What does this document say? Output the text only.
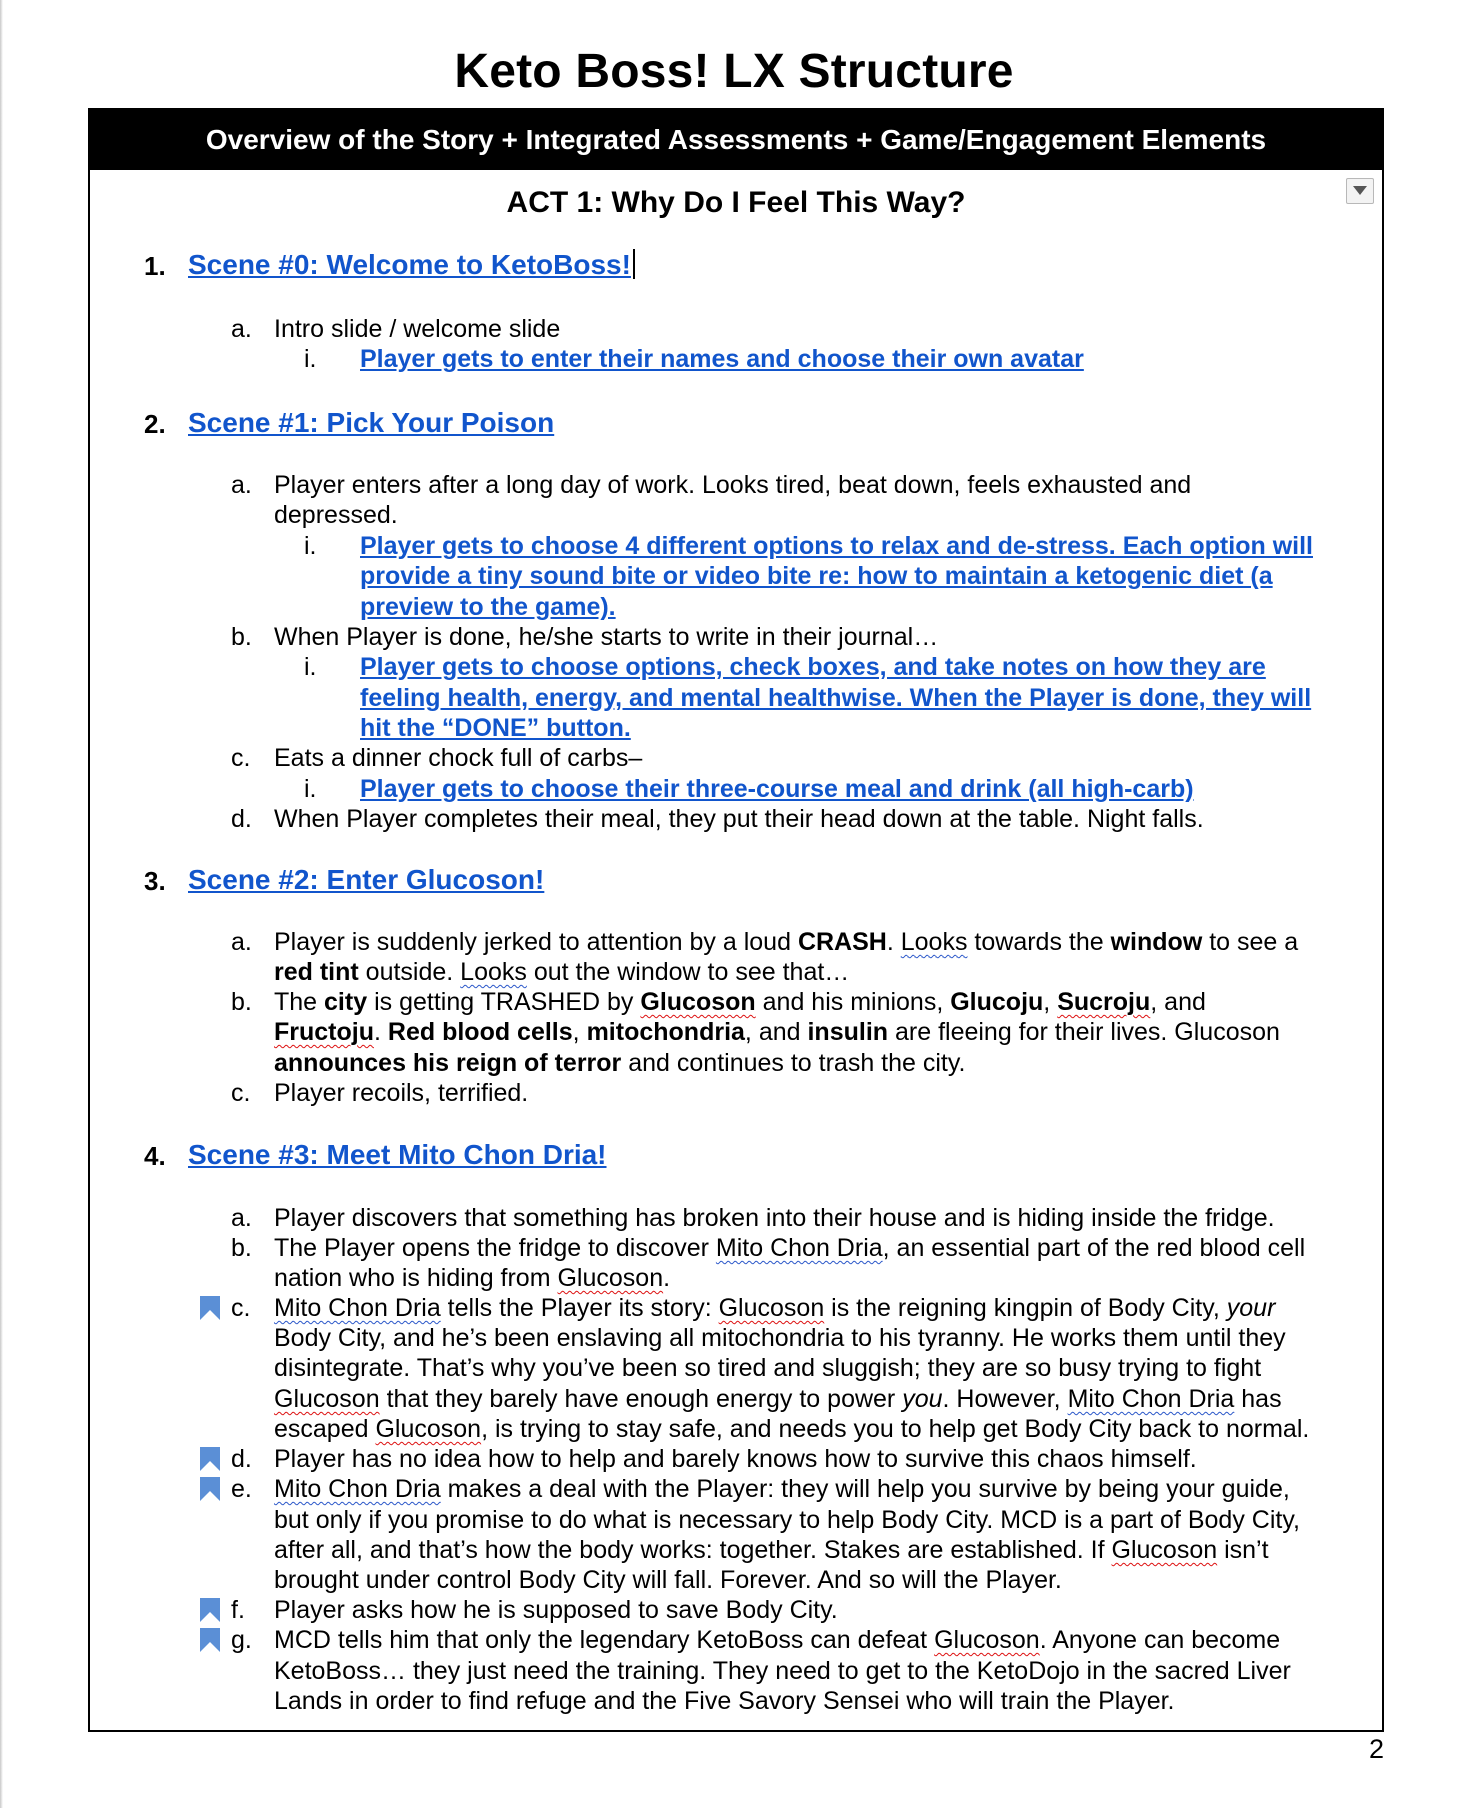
Keto Boss! LX Structure
Overview of the Story + Integrated Assessments + Game/Engagement Elements
ACT 1: Why Do I Feel This Way?
1. Scene #0: Welcome to KetoBoss!
a. Intro slide / welcome slide
i. Player gets to enter their names and choose their own avatar
2. Scene #1: Pick Your Poison
a. Player enters after a long day of work. Looks tired, beat down, feels exhausted and
depressed.
i. Player gets to choose 4 different options to relax and de-stress. Each option will
provide a tiny sound bite or video bite re: how to maintain a ketogenic diet (a
preview to the game).
b. When Player is done, he/she starts to write in their journal…
i. Player gets to choose options, check boxes, and take notes on how they are
feeling health, energy, and mental healthwise. When the Player is done, they will
hit the “DONE” button.
c. Eats a dinner chock full of carbs–
i. Player gets to choose their three-course meal and drink (all high-carb)
d. When Player completes their meal, they put their head down at the table. Night falls.
3. Scene #2: Enter Glucoson!
a. Player is suddenly jerked to attention by a loud CRASH. Looks towards the window to see a
red tint outside. Looks out the window to see that…
b. The city is getting TRASHED by Glucoson and his minions, Glucoju, Sucroju, and
Fructoju. Red blood cells, mitochondria, and insulin are fleeing for their lives. Glucoson
announces his reign of terror and continues to trash the city.
c. Player recoils, terrified.
4. Scene #3: Meet Mito Chon Dria!
a. Player discovers that something has broken into their house and is hiding inside the fridge.
b. The Player opens the fridge to discover Mito Chon Dria, an essential part of the red blood cell
nation who is hiding from Glucoson.
c. Mito Chon Dria tells the Player its story: Glucoson is the reigning kingpin of Body City, your
Body City, and he’s been enslaving all mitochondria to his tyranny. He works them until they
disintegrate. That’s why you’ve been so tired and sluggish; they are so busy trying to fight
Glucoson that they barely have enough energy to power you. However, Mito Chon Dria has
escaped Glucoson, is trying to stay safe, and needs you to help get Body City back to normal.
d. Player has no idea how to help and barely knows how to survive this chaos himself.
e. Mito Chon Dria makes a deal with the Player: they will help you survive by being your guide,
but only if you promise to do what is necessary to help Body City. MCD is a part of Body City,
after all, and that’s how the body works: together. Stakes are established. If Glucoson isn’t
brought under control Body City will fall. Forever. And so will the Player.
f. Player asks how he is supposed to save Body City.
g. MCD tells him that only the legendary KetoBoss can defeat Glucoson. Anyone can become
KetoBoss… they just need the training. They need to get to the KetoDojo in the sacred Liver
Lands in order to find refuge and the Five Savory Sensei who will train the Player.
2
